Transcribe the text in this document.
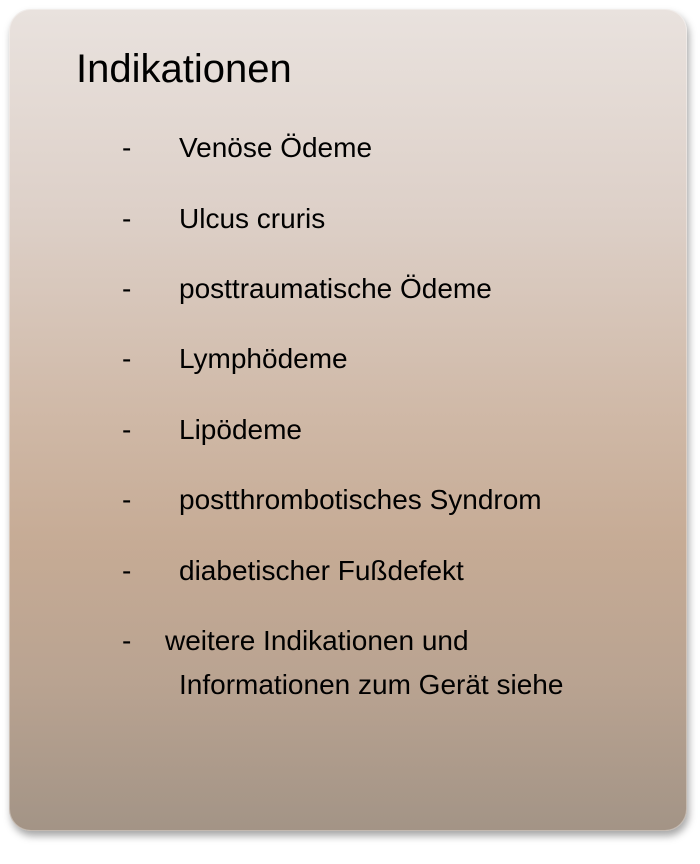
Indikationen
- Venöse Ödeme
- Ulcus cruris
- posttraumatische Ödeme
- Lymphödeme
- Lipödeme
- postthrombotisches Syndrom
- diabetischer Fußdefekt
- weitere Indikationen und
Informationen zum Gerät siehe
